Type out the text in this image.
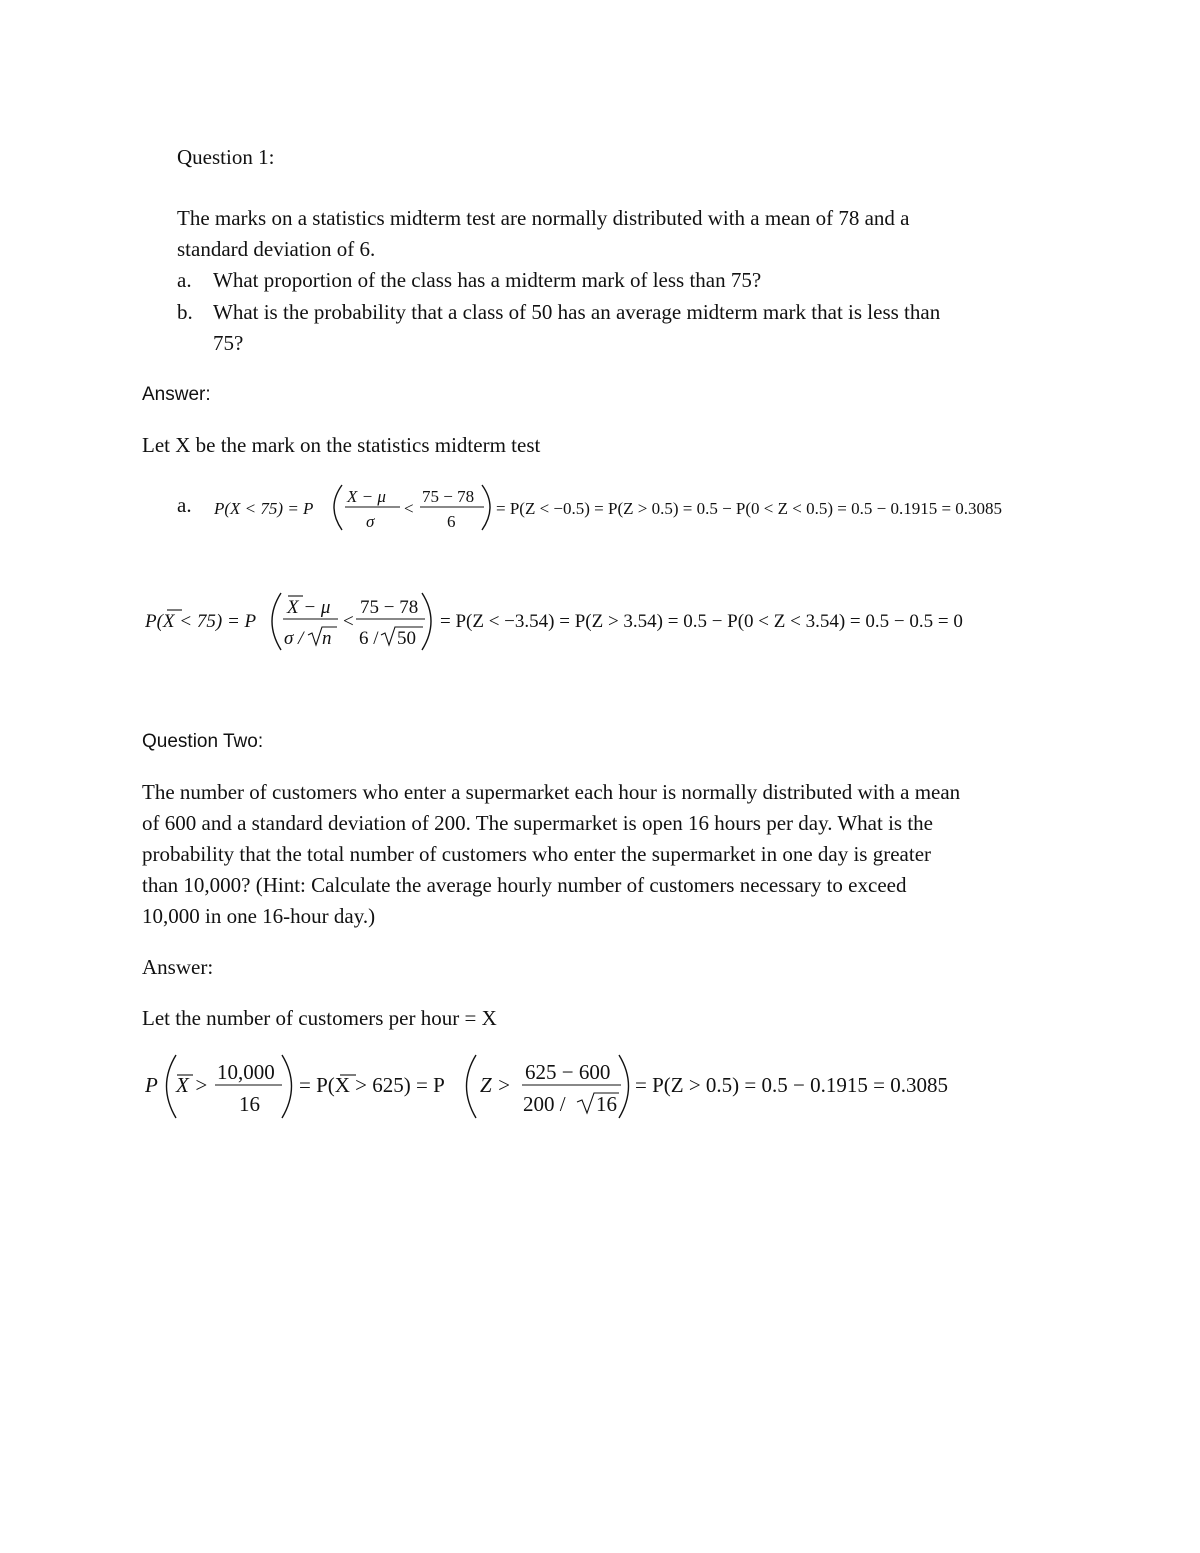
Question 1:
The marks on a statistics midterm test are normally distributed with a mean of 78 and a
standard deviation of 6.
a. What proportion of the class has a midterm mark of less than 75?
b. What is the probability that a class of 50 has an average midterm mark that is less than
75?
Answer:
Let X be the mark on the statistics midterm test
a. P(X < 75) = P
X − μ
σ
<
75 − 78
6
= P(Z < −0.5) = P(Z > 0.5) = 0.5 − P(0 < Z < 0.5) = 0.5 − 0.1915 = 0.3085
P(X < 75) = P
X − μ
σ / n
<
75 − 78
6 / 50
= P(Z < −3.54) = P(Z > 3.54) = 0.5 − P(0 < Z < 3.54) = 0.5 − 0.5 = 0
Question Two:
The number of customers who enter a supermarket each hour is normally distributed with a mean
of 600 and a standard deviation of 200. The supermarket is open 16 hours per day. What is the
probability that the total number of customers who enter the supermarket in one day is greater
than 10,000? (Hint: Calculate the average hourly number of customers necessary to exceed
10,000 in one 16-hour day.)
Answer:
Let the number of customers per hour = X
P X >
10,000
16
= P(X > 625) = P Z >
625 − 600
200 / 16
= P(Z > 0.5) = 0.5 − 0.1915 = 0.3085
